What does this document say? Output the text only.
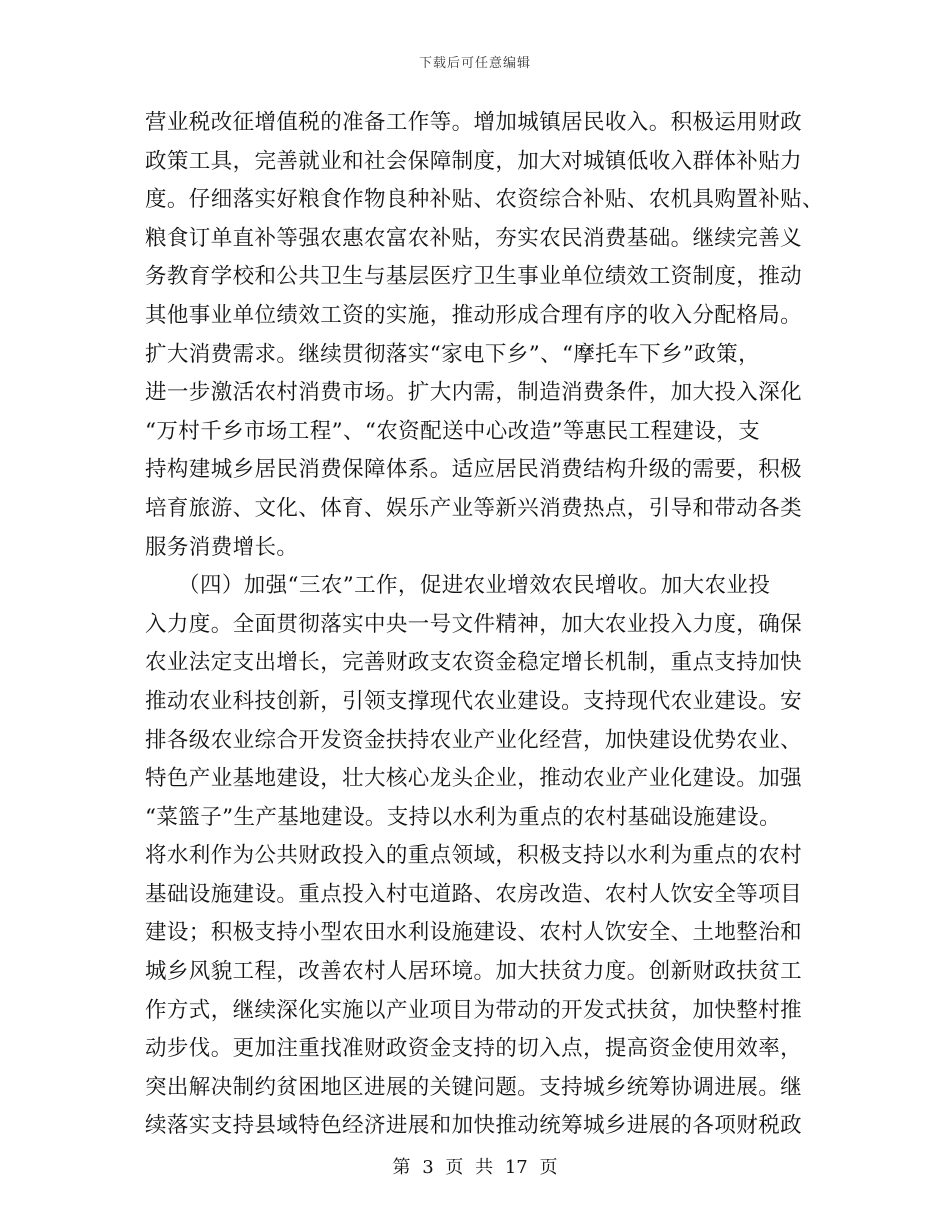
下载后可任意编辑
营业税改征增值税的准备工作等。增加城镇居民收入。积极运用财政
政策工具，完善就业和社会保障制度，加大对城镇低收入群体补贴力
度。仔细落实好粮食作物良种补贴、农资综合补贴、农机具购置补贴、
粮食订单直补等强农惠农富农补贴，夯实农民消费基础。继续完善义
务教育学校和公共卫生与基层医疗卫生事业单位绩效工资制度，推动
其他事业单位绩效工资的实施，推动形成合理有序的收入分配格局。
扩大消费需求。继续贯彻落实“家电下乡”、“摩托车下乡”政策，
进一步激活农村消费市场。扩大内需，制造消费条件，加大投入深化
“万村千乡市场工程”、“农资配送中心改造”等惠民工程建设，支
持构建城乡居民消费保障体系。适应居民消费结构升级的需要，积极
培育旅游、文化、体育、娱乐产业等新兴消费热点，引导和带动各类
服务消费增长。
　　（四）加强“三农”工作，促进农业增效农民增收。加大农业投
入力度。全面贯彻落实中央一号文件精神，加大农业投入力度，确保
农业法定支出增长，完善财政支农资金稳定增长机制，重点支持加快
推动农业科技创新，引领支撑现代农业建设。支持现代农业建设。安
排各级农业综合开发资金扶持农业产业化经营，加快建设优势农业、
特色产业基地建设，壮大核心龙头企业，推动农业产业化建设。加强
“菜篮子”生产基地建设。支持以水利为重点的农村基础设施建设。
将水利作为公共财政投入的重点领域，积极支持以水利为重点的农村
基础设施建设。重点投入村屯道路、农房改造、农村人饮安全等项目
建设；积极支持小型农田水利设施建设、农村人饮安全、土地整治和
城乡风貌工程，改善农村人居环境。加大扶贫力度。创新财政扶贫工
作方式，继续深化实施以产业项目为带动的开发式扶贫，加快整村推
动步伐。更加注重找准财政资金支持的切入点，提高资金使用效率，
突出解决制约贫困地区进展的关键问题。支持城乡统筹协调进展。继
续落实支持县域特色经济进展和加快推动统筹城乡进展的各项财税政
第 3 页 共 17 页
